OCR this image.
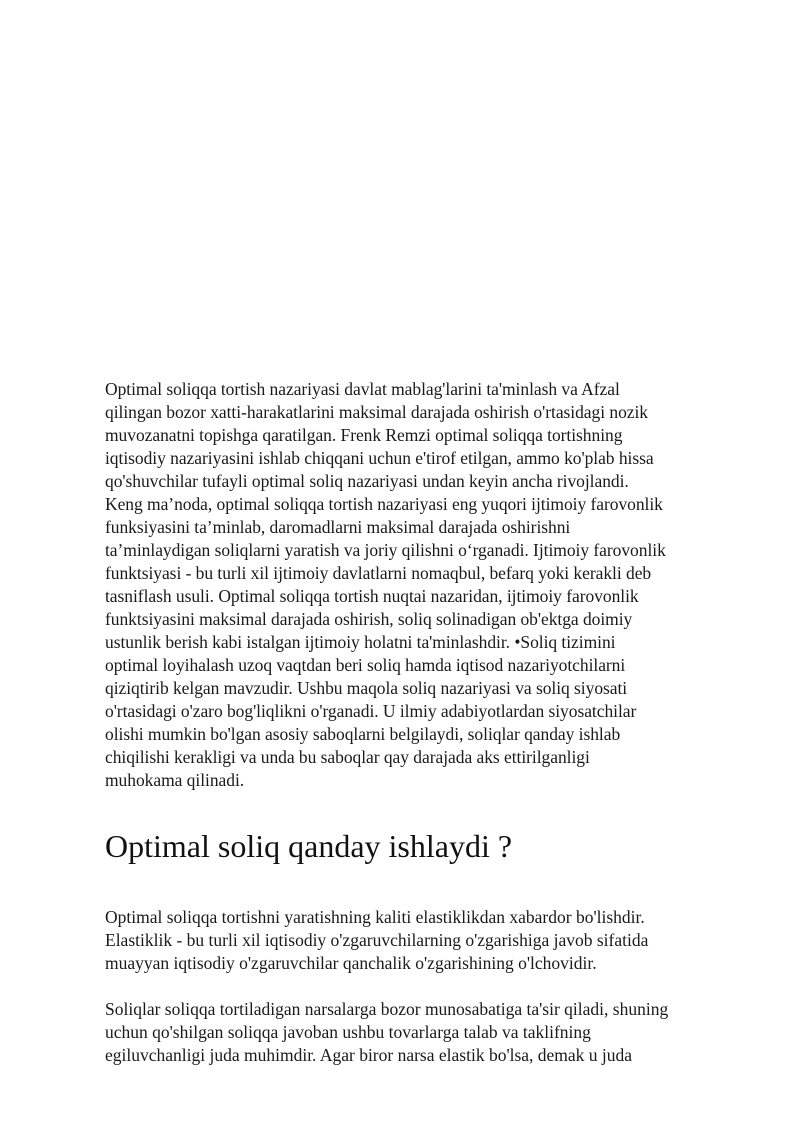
Optimal soliqqa tortish nazariyasi davlat mablag'larini ta'minlash va Afzal
qilingan bozor xatti-harakatlarini maksimal darajada oshirish o'rtasidagi nozik
muvozanatni topishga qaratilgan. Frenk Remzi optimal soliqqa tortishning
iqtisodiy nazariyasini ishlab chiqqani uchun e'tirof etilgan, ammo ko'plab hissa
qo'shuvchilar tufayli optimal soliq nazariyasi undan keyin ancha rivojlandi.
Keng ma’noda, optimal soliqqa tortish nazariyasi eng yuqori ijtimoiy farovonlik
funksiyasini ta’minlab, daromadlarni maksimal darajada oshirishni
ta’minlaydigan soliqlarni yaratish va joriy qilishni o‘rganadi. Ijtimoiy farovonlik
funktsiyasi - bu turli xil ijtimoiy davlatlarni nomaqbul, befarq yoki kerakli deb
tasniflash usuli. Optimal soliqqa tortish nuqtai nazaridan, ijtimoiy farovonlik
funktsiyasini maksimal darajada oshirish, soliq solinadigan ob'ektga doimiy
ustunlik berish kabi istalgan ijtimoiy holatni ta'minlashdir. •Soliq tizimini
optimal loyihalash uzoq vaqtdan beri soliq hamda iqtisod nazariyotchilarni
qiziqtirib kelgan mavzudir. Ushbu maqola soliq nazariyasi va soliq siyosati
o'rtasidagi o'zaro bog'liqlikni o'rganadi. U ilmiy adabiyotlardan siyosatchilar
olishi mumkin bo'lgan asosiy saboqlarni belgilaydi, soliqlar qanday ishlab
chiqilishi kerakligi va unda bu saboqlar qay darajada aks ettirilganligi
muhokama qilinadi.

Optimal soliq qanday ishlaydi ?

Optimal soliqqa tortishni yaratishning kaliti elastiklikdan xabardor bo'lishdir.
Elastiklik - bu turli xil iqtisodiy o'zgaruvchilarning o'zgarishiga javob sifatida
muayyan iqtisodiy o'zgaruvchilar qanchalik o'zgarishining o'lchovidir.

Soliqlar soliqqa tortiladigan narsalarga bozor munosabatiga ta'sir qiladi, shuning
uchun qo'shilgan soliqqa javoban ushbu tovarlarga talab va taklifning
egiluvchanligi juda muhimdir. Agar biror narsa elastik bo'lsa, demak u juda
